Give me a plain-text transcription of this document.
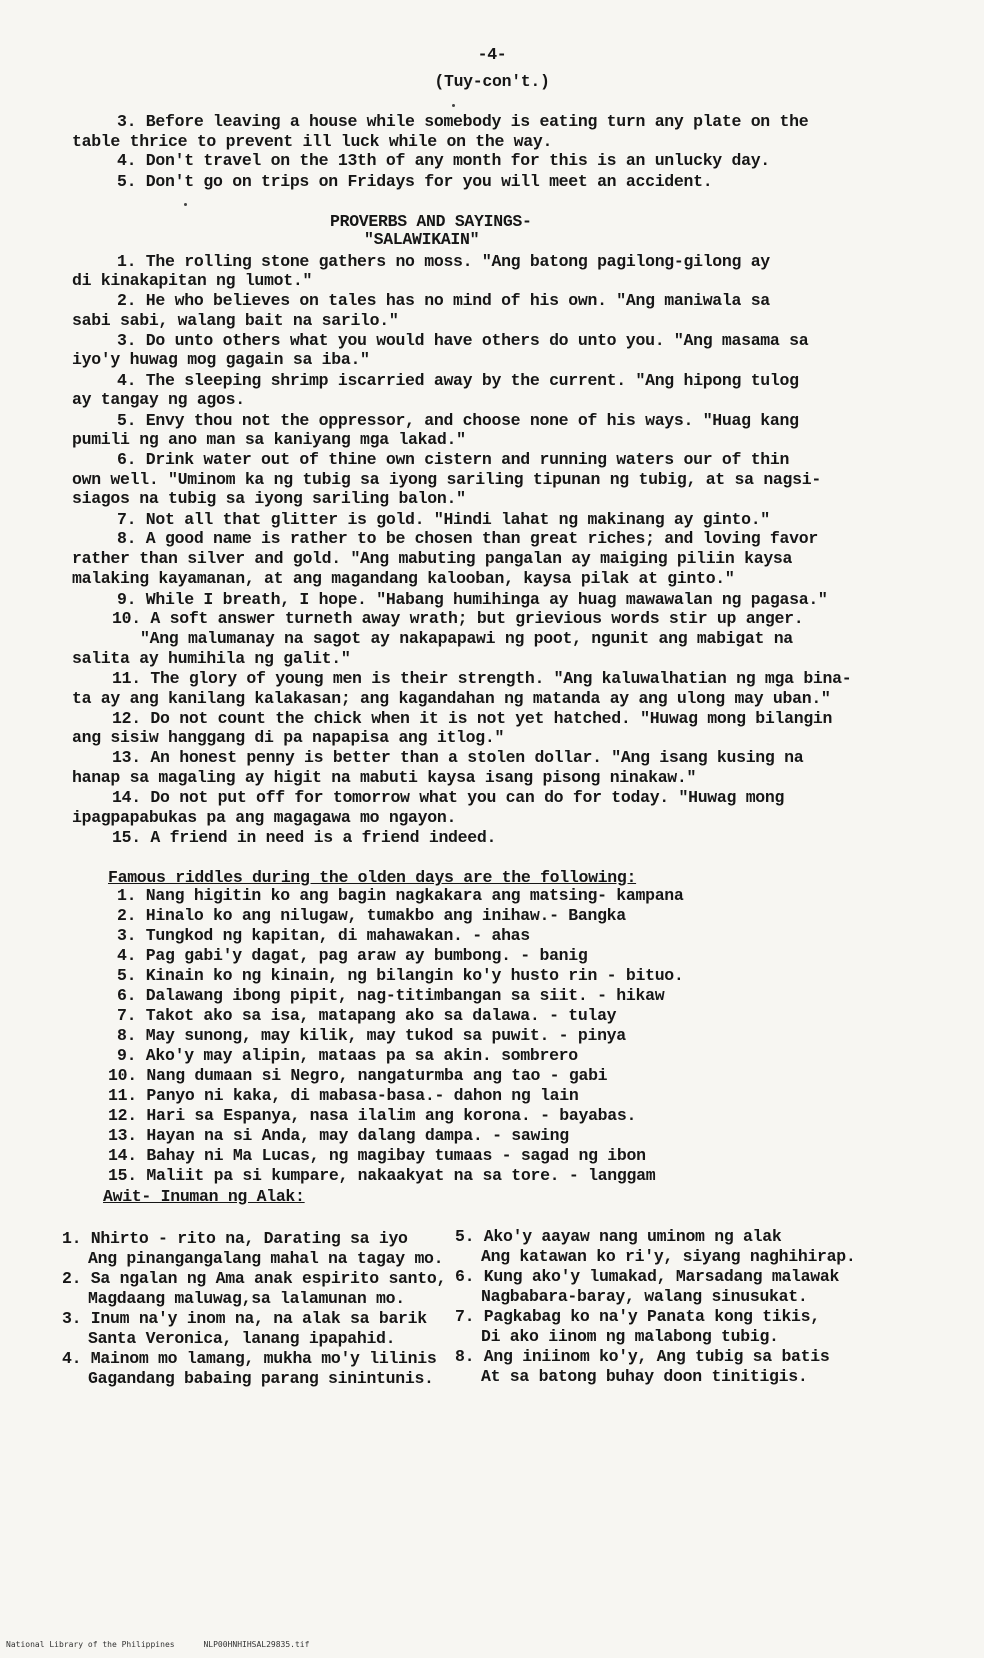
-4-
(Tuy-con't.)
3. Before leaving a house while somebody is eating turn any plate on the
table thrice to prevent ill luck while on the way.
4. Don't travel on the 13th of any month for this is an unlucky day.
5. Don't go on trips on Fridays for you will meet an accident.
PROVERBS AND SAYINGS-
"SALAWIKAIN"
1. The rolling stone gathers no moss. "Ang batong pagilong-gilong ay
di kinakapitan ng lumot."
2. He who believes on tales has no mind of his own. "Ang maniwala sa
sabi sabi, walang bait na sarilo."
3. Do unto others what you would have others do unto you. "Ang masama sa
iyo'y huwag mog gagain sa iba."
4. The sleeping shrimp iscarried away by the current. "Ang hipong tulog
ay tangay ng agos.
5. Envy thou not the oppressor, and choose none of his ways. "Huag kang
pumili ng ano man sa kaniyang mga lakad."
6. Drink water out of thine own cistern and running waters our of thin
own well. "Uminom ka ng tubig sa iyong sariling tipunan ng tubig, at sa nagsi-
siagos na tubig sa iyong sariling balon."
7. Not all that glitter is gold. "Hindi lahat ng makinang ay ginto."
8. A good name is rather to be chosen than great riches; and loving favor
rather than silver and gold. "Ang mabuting pangalan ay maiging piliin kaysa
malaking kayamanan, at ang magandang kalooban, kaysa pilak at ginto."
9. While I breath, I hope. "Habang humihinga ay huag mawawalan ng pagasa."
10. A soft answer turneth away wrath; but grievious words stir up anger.
"Ang malumanay na sagot ay nakapapawi ng poot, ngunit ang mabigat na
salita ay humihila ng galit."
11. The glory of young men is their strength. "Ang kaluwalhatian ng mga bina-
ta ay ang kanilang kalakasan; ang kagandahan ng matanda ay ang ulong may uban."
12. Do not count the chick when it is not yet hatched. "Huwag mong bilangin
ang sisiw hanggang di pa napapisa ang itlog."
13. An honest penny is better than a stolen dollar. "Ang isang kusing na
hanap sa magaling ay higit na mabuti kaysa isang pisong ninakaw."
14. Do not put off for tomorrow what you can do for today. "Huwag mong
ipagpapabukas pa ang magagawa mo ngayon.
15. A friend in need is a friend indeed.
Famous riddles during the olden days are the following:
1. Nang higitin ko ang bagin nagkakara ang matsing- kampana
2. Hinalo ko ang nilugaw, tumakbo ang inihaw.- Bangka
3. Tungkod ng kapitan, di mahawakan. - ahas
4. Pag gabi'y dagat, pag araw ay bumbong. - banig
5. Kinain ko ng kinain, ng bilangin ko'y husto rin - bituo.
6. Dalawang ibong pipit, nag-titimbangan sa siit. - hikaw
7. Takot ako sa isa, matapang ako sa dalawa. - tulay
8. May sunong, may kilik, may tukod sa puwit. - pinya
9. Ako'y may alipin, mataas pa sa akin. sombrero
10. Nang dumaan si Negro, nangaturmba ang tao - gabi
11. Panyo ni kaka, di mabasa-basa.- dahon ng lain
12. Hari sa Espanya, nasa ilalim ang korona. - bayabas.
13. Hayan na si Anda, may dalang dampa. - sawing
14. Bahay ni Ma Lucas, ng magibay tumaas - sagad ng ibon
15. Maliit pa si kumpare, nakaakyat na sa tore. - langgam
Awit- Inuman ng Alak:
1. Nhirto - rito na, Darating sa iyo
Ang pinangangalang mahal na tagay mo.
2. Sa ngalan ng Ama anak espirito santo,
Magdaang maluwag,sa lalamunan mo.
3. Inum na'y inom na, na alak sa barik
Santa Veronica, lanang ipapahid.
4. Mainom mo lamang, mukha mo'y lilinis
Gagandang babaing parang sinintunis.
5. Ako'y aayaw nang uminom ng alak
Ang katawan ko ri'y, siyang naghihirap.
6. Kung ako'y lumakad, Marsadang malawak
Nagbabara-baray, walang sinusukat.
7. Pagkabag ko na'y Panata kong tikis,
Di ako iinom ng malabong tubig.
8. Ang iniinom ko'y, Ang tubig sa batis
At sa batong buhay doon tinitigis.
National Library of the Philippines      NLP00HNHIHSAL29835.tif
